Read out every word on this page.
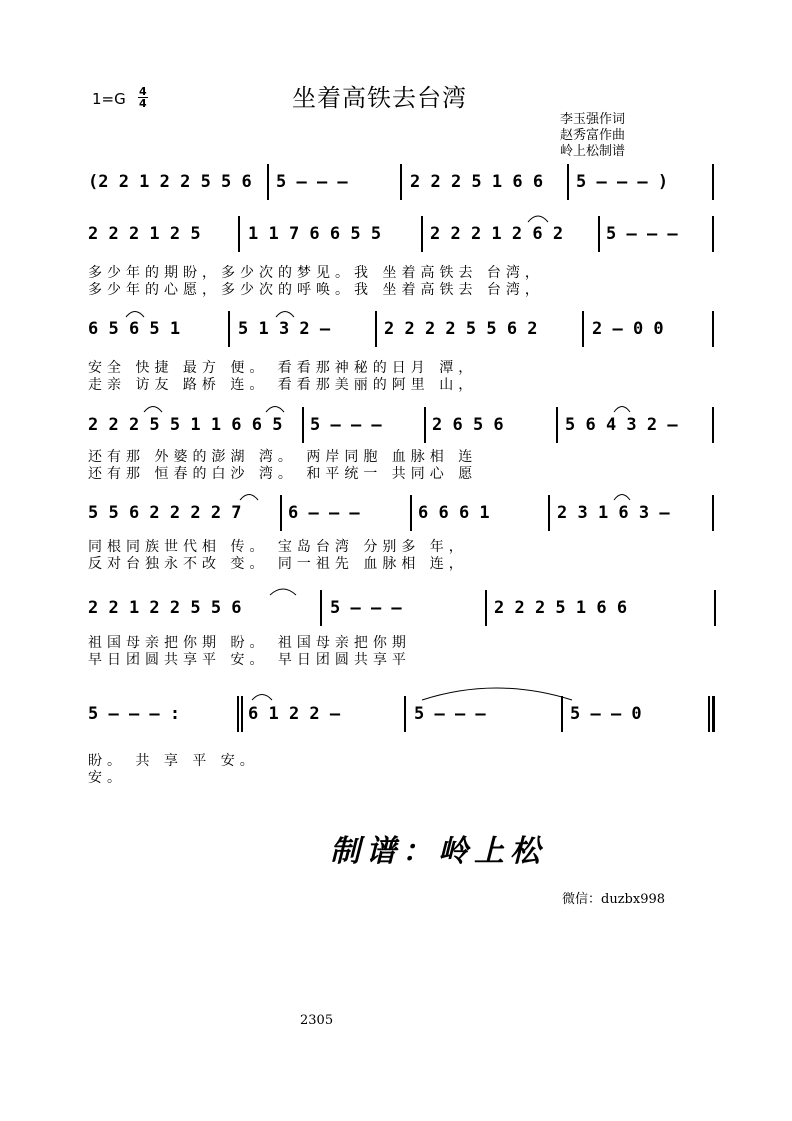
$1=G \frac{4}{4}$	坐着高铁去台湾
李玉强作词
赵秀富作曲
岭上松制谱
(2 2 1 2 2 5 5 6 5 – – –	2 2 2 5 1 6 6 5 – – – )
2 2 2 1 2 5	1 1 7 6 6 5 5	2 2 2 1 2 6 2	5 – – –
多少年的期盼，多少次的梦见。我 坐着高铁去 台湾，
多少年的心愿，多少次的呼唤。我 坐着高铁去 台湾，
6 5 6 5 1	5 1 3 2 –	2 2 2 2 5 5 6 2	2 – 0 0
安全 快捷 最方 便。 看看那神秘的日月 潭，
走亲 访友 路桥 连。 看看那美丽的阿里 山，
2 2 2 5 5 1 1 6 6 5 5 – – –	2 6 5 6	5 6 4 3 2 –
还有那 外婆的澎湖 湾。 两岸同胞 血脉相 连
还有那 恒春的白沙 湾。 和平统一 共同心 愿
5 5 6 2 2 2 2 7	6 – – –	6 6 6 1	2 3 1 6 3 –
同根同族世代相 传。 宝岛台湾 分别多 年，
反对台独永不改 变。 同一祖先 血脉相 连，
2 2 1 2 2 5 5 6	5 – – –	2 2 2 5 1 6 6
祖国母亲把你期 盼。 祖国母亲把你期
早日团圆共享平 安。 早日团圆共享平
5 – – – :	6 1 2 2 –	5 – – –	5 – – 0
盼。 共 享 平 安。
安。
制谱：岭上松
微信：duzbx998
2305
